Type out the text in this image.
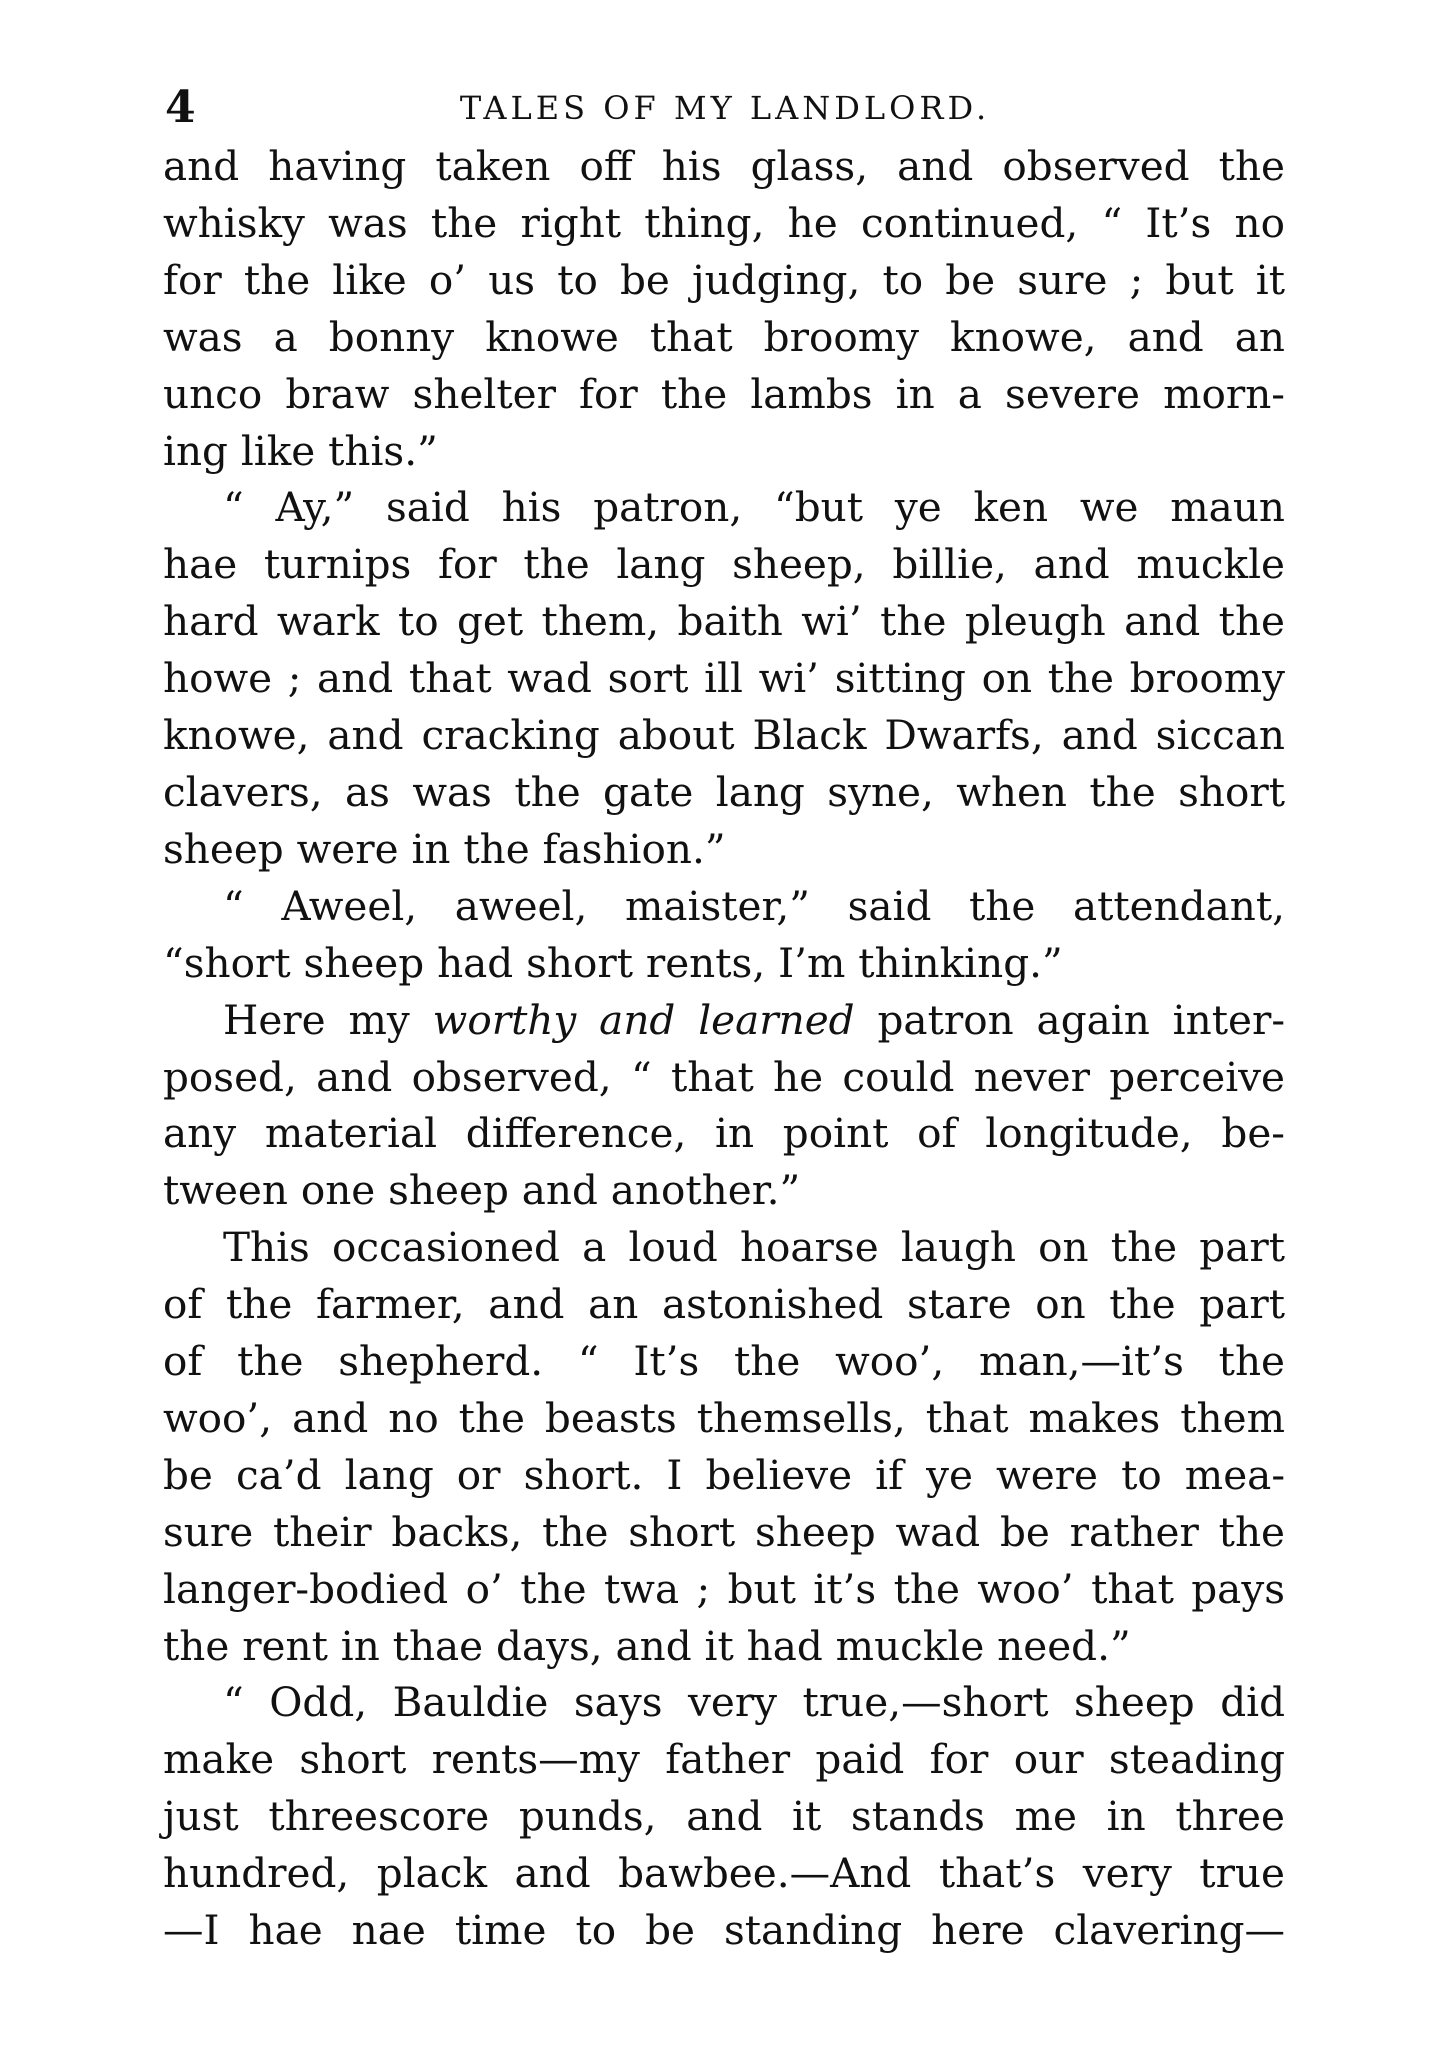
4	TALES OF MY LANDLORD.
and having taken off his glass, and observed the
whisky was the right thing, he continued, “ It’s no
for the like o’ us to be judging, to be sure ; but it
was a bonny knowe that broomy knowe, and an
unco braw shelter for the lambs in a severe morn-
ing like this.”
“ Ay,” said his patron, “but ye ken we maun
hae turnips for the lang sheep, billie, and muckle
hard wark to get them, baith wi’ the pleugh and the
howe ; and that wad sort ill wi’ sitting on the broomy
knowe, and cracking about Black Dwarfs, and siccan
clavers, as was the gate lang syne, when the short
sheep were in the fashion.”
“ Aweel, aweel, maister,” said the attendant,
“short sheep had short rents, I’m thinking.”
Here my worthy and learned patron again inter-
posed, and observed, “ that he could never perceive
any material difference, in point of longitude, be-
tween one sheep and another.”
This occasioned a loud hoarse laugh on the part
of the farmer, and an astonished stare on the part
of the shepherd. “ It’s the woo’, man,—it’s the
woo’, and no the beasts themsells, that makes them
be ca’d lang or short. I believe if ye were to mea-
sure their backs, the short sheep wad be rather the
langer-bodied o’ the twa ; but it’s the woo’ that pays
the rent in thae days, and it had muckle need.”
“ Odd, Bauldie says very true,—short sheep did
make short rents—my father paid for our steading
just threescore punds, and it stands me in three
hundred, plack and bawbee.—And that’s very true
—I hae nae time to be standing here clavering—
